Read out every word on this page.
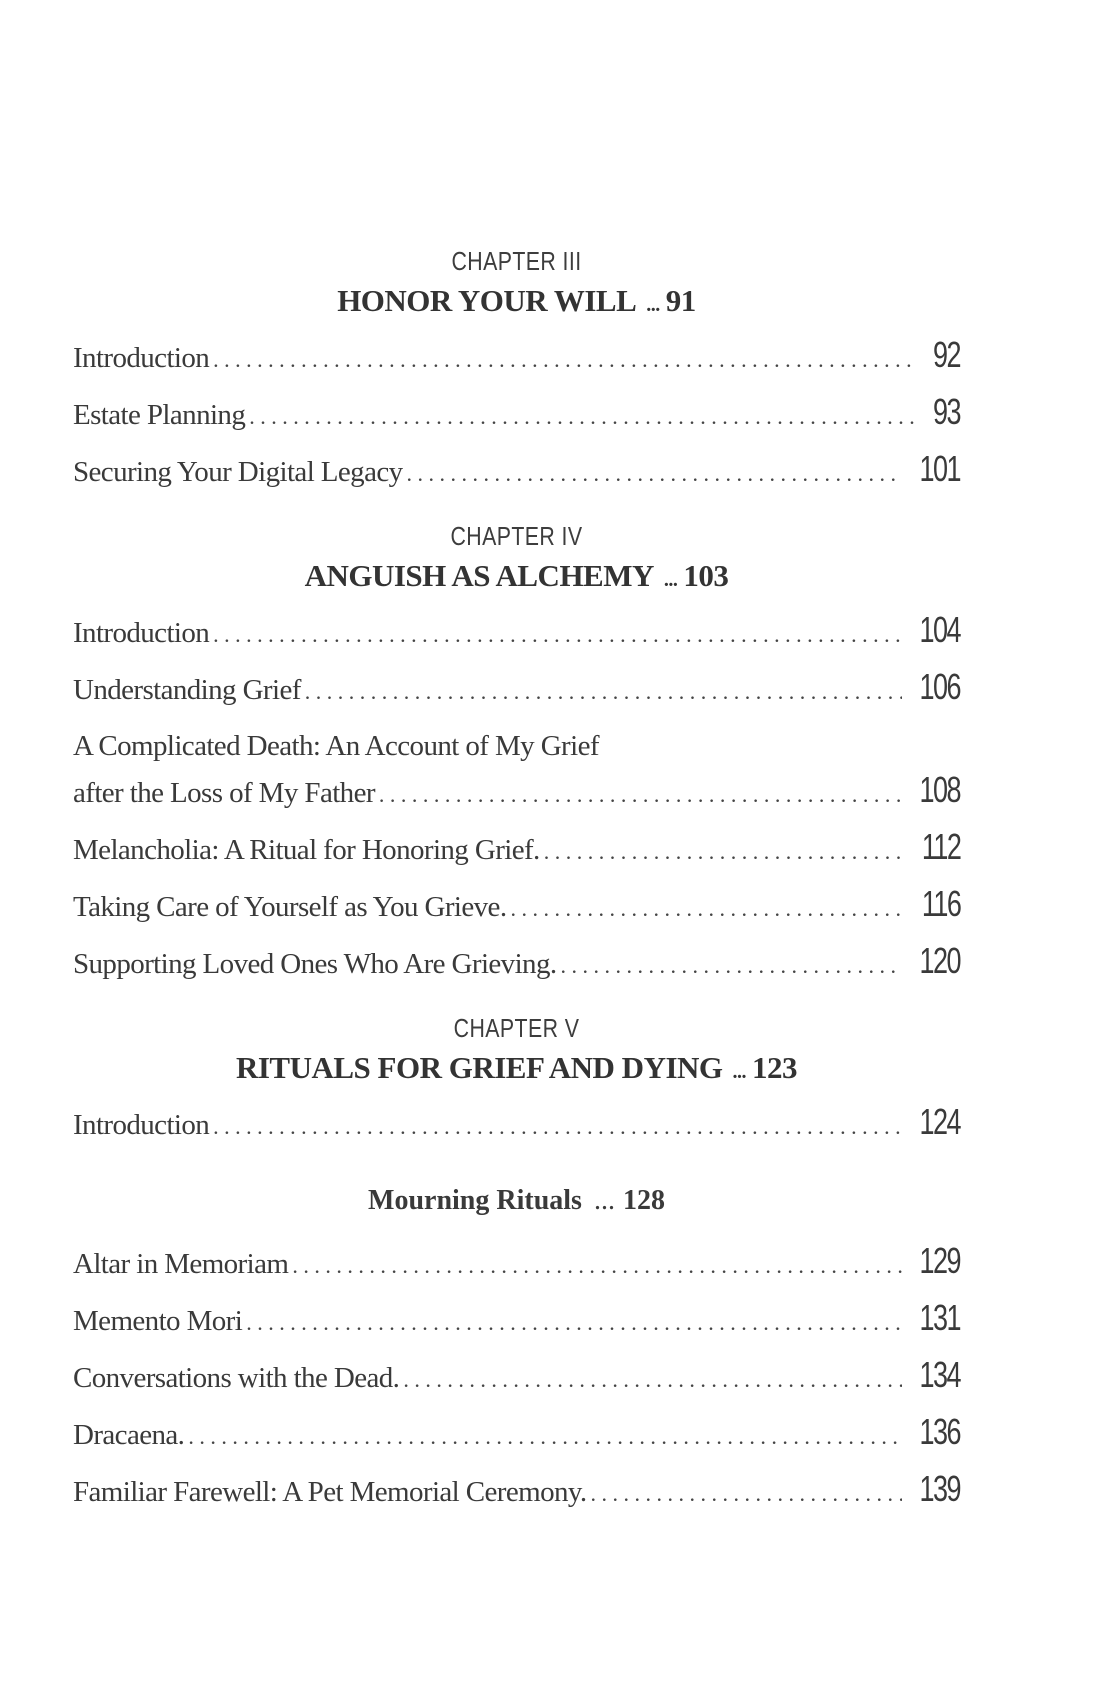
CHAPTER III
HONOR YOUR WILL ... 91
Introduction . . .	92
Estate Planning . . .	93
Securing Your Digital Legacy . . .	101
CHAPTER IV
ANGUISH AS ALCHEMY ... 103
Introduction . . .	104
Understanding Grief . . .	106
A Complicated Death: An Account of My Grief
after the Loss of My Father . . .	108
Melancholia: A Ritual for Honoring Grief. . . .	112
Taking Care of Yourself as You Grieve. . . .	116
Supporting Loved Ones Who Are Grieving. . . .	120
CHAPTER V
RITUALS FOR GRIEF AND DYING ... 123
Introduction . . .	124
Mourning Rituals ... 128
Altar in Memoriam . . .	129
Memento Mori . . .	131
Conversations with the Dead. . . .	134
Dracaena. . . .	136
Familiar Farewell: A Pet Memorial Ceremony. . . .	139
